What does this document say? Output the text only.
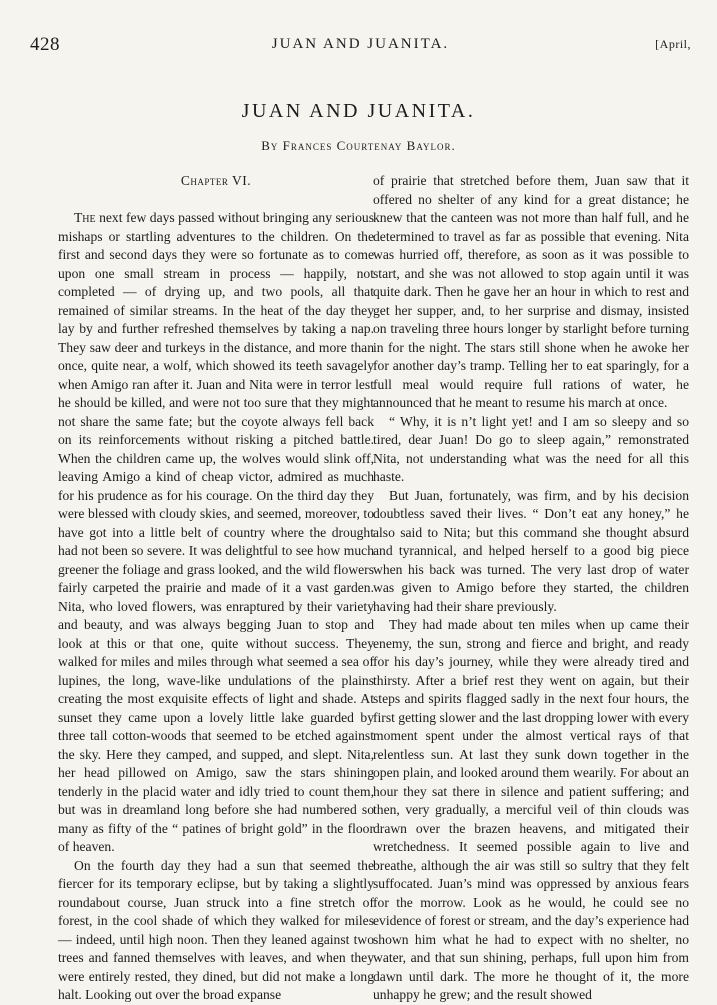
428	JUAN AND JUANITA.	[April,
JUAN AND JUANITA.
By Frances Courtenay Baylor.
Chapter VI.

The next few days passed without bringing any serious mishaps or startling adventures to the children. On the first and second days they were so fortunate as to come upon one small stream in process — happily, not completed — of drying up, and two pools, all that remained of similar streams. In the heat of the day they lay by and further refreshed themselves by taking a nap. They saw deer and turkeys in the distance, and more than once, quite near, a wolf, which showed its teeth savagely when Amigo ran after it. Juan and Nita were in terror lest he should be killed, and were not too sure that they might not share the same fate; but the coyote always fell back on its reinforcements without risking a pitched battle. When the children came up, the wolves would slink off, leaving Amigo a kind of cheap victor, admired as much for his prudence as for his courage. On the third day they were blessed with cloudy skies, and seemed, moreover, to have got into a little belt of country where the drought had not been so severe. It was delightful to see how much greener the foliage and grass looked, and the wild flowers fairly carpeted the prairie and made of it a vast garden. Nita, who loved flowers, was enraptured by their variety and beauty, and was always begging Juan to stop and look at this or that one, quite without success. They walked for miles and miles through what seemed a sea of lupines, the long, wave-like undulations of the plains creating the most exquisite effects of light and shade. At sunset they came upon a lovely little lake guarded by three tall cotton-woods that seemed to be etched against the sky. Here they camped, and supped, and slept. Nita, her head pillowed on Amigo, saw the stars shining tenderly in the placid water and idly tried to count them, but was in dreamland long before she had numbered so many as fifty of the “ patines of bright gold” in the floor of heaven.

On the fourth day they had a sun that seemed the fiercer for its temporary eclipse, but by taking a slightly roundabout course, Juan struck into a fine stretch of forest, in the cool shade of which they walked for miles — indeed, until high noon. Then they leaned against two trees and fanned themselves with leaves, and when they were entirely rested, they dined, but did not make a long halt. Looking out over the broad expanse

of prairie that stretched before them, Juan saw that it offered no shelter of any kind for a great distance; he knew that the canteen was not more than half full, and he determined to travel as far as possible that evening. Nita was hurried off, therefore, as soon as it was possible to start, and she was not allowed to stop again until it was quite dark. Then he gave her an hour in which to rest and get her supper, and, to her surprise and dismay, insisted on traveling three hours longer by starlight before turning in for the night. The stars still shone when he awoke her for another day’s tramp. Telling her to eat sparingly, for a full meal would require full rations of water, he announced that he meant to resume his march at once.

“ Why, it is n’t light yet! and I am so sleepy and so tired, dear Juan! Do go to sleep again,” remonstrated Nita, not understanding what was the need for all this haste.

But Juan, fortunately, was firm, and by his decision doubtless saved their lives. “ Don’t eat any honey,” he also said to Nita; but this command she thought absurd and tyrannical, and helped herself to a good big piece when his back was turned. The very last drop of water was given to Amigo before they started, the children having had their share previously.

They had made about ten miles when up came their enemy, the sun, strong and fierce and bright, and ready for his day’s journey, while they were already tired and thirsty. After a brief rest they went on again, but their steps and spirits flagged sadly in the next four hours, the first getting slower and the last dropping lower with every moment spent under the almost vertical rays of that relentless sun. At last they sunk down together in the open plain, and looked around them wearily. For about an hour they sat there in silence and patient suffering; and then, very gradually, a merciful veil of thin clouds was drawn over the brazen heavens, and mitigated their wretchedness. It seemed possible again to live and breathe, although the air was still so sultry that they felt suffocated. Juan’s mind was oppressed by anxious fears for the morrow. Look as he would, he could see no evidence of forest or stream, and the day’s experience had shown him what he had to expect with no shelter, no water, and that sun shining, perhaps, full upon him from dawn until dark. The more he thought of it, the more unhappy he grew; and the result showed
